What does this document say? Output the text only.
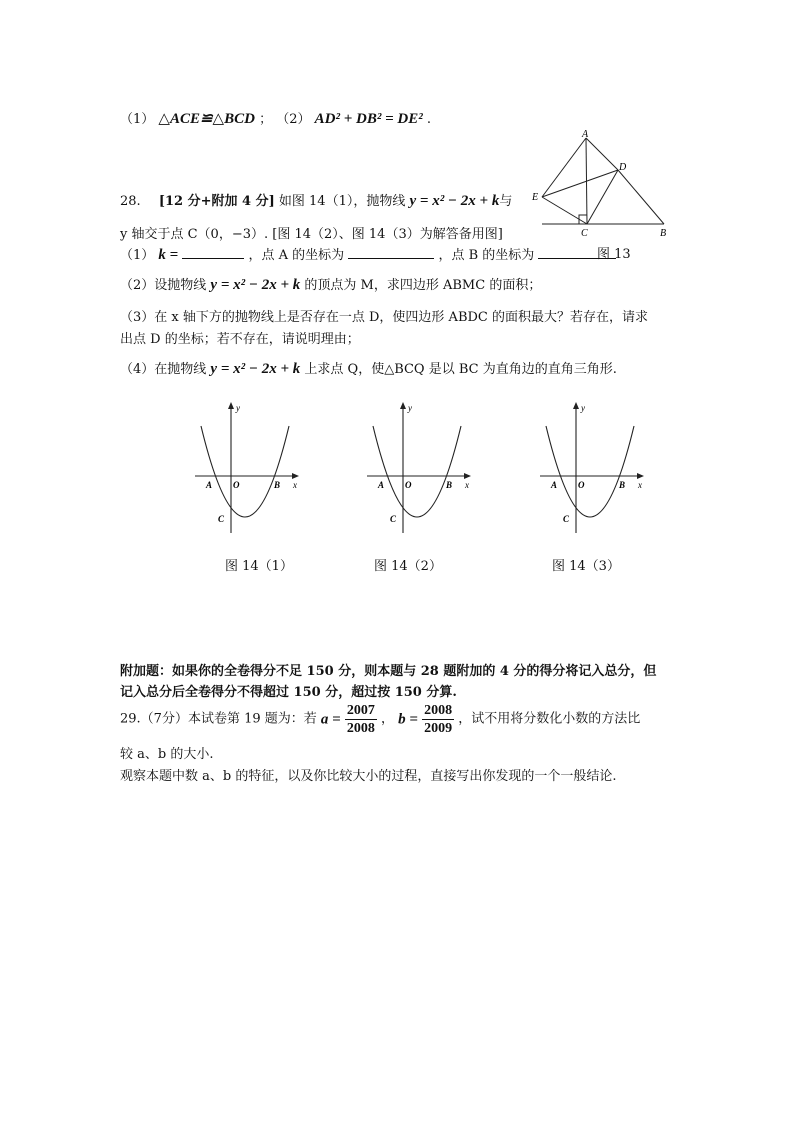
（1） △ACE≌△BCD ； （2） AD² + DB² = DE² .
A
D
E
C	B
28. [12 分+附加 4 分] 如图 14（1），抛物线 y = x² − 2x + k与
y 轴交于点 C（0，−3）. [图 14（2）、图 14（3）为解答备用图]
（1） k =	，点 A 的坐标为	，点 B 的坐标为	图 13
（2）设抛物线 y = x² − 2x + k 的顶点为 M，求四边形 ABMC 的面积；
（3）在 x 轴下方的抛物线上是否存在一点 D，使四边形 ABDC 的面积最大？若存在，请求
出点 D 的坐标；若不存在，请说明理由；
（4）在抛物线 y = x² − 2x + k 上求点 Q，使△BCQ 是以 BC 为直角边的直角三角形.
y
x
A O	B
C
y
x
A O	B
C
y
x
A O	B
C
图 14（1）	图 14（2）	图 14（3）
附加题：如果你的全卷得分不足 150 分，则本题与 28 题附加的 4 分的得分将记入总分，但
记入总分后全卷得分不得超过 150 分，超过按 150 分算.
29.（7分）本试卷第 19 题为：若 $a = \frac{2007}{2008}$ ， $b = \frac{2008}{2009}$ ，试不用将分数化小数的方法比
较 a、b 的大小.
观察本题中数 a、b 的特征，以及你比较大小的过程，直接写出你发现的一个一般结论.
